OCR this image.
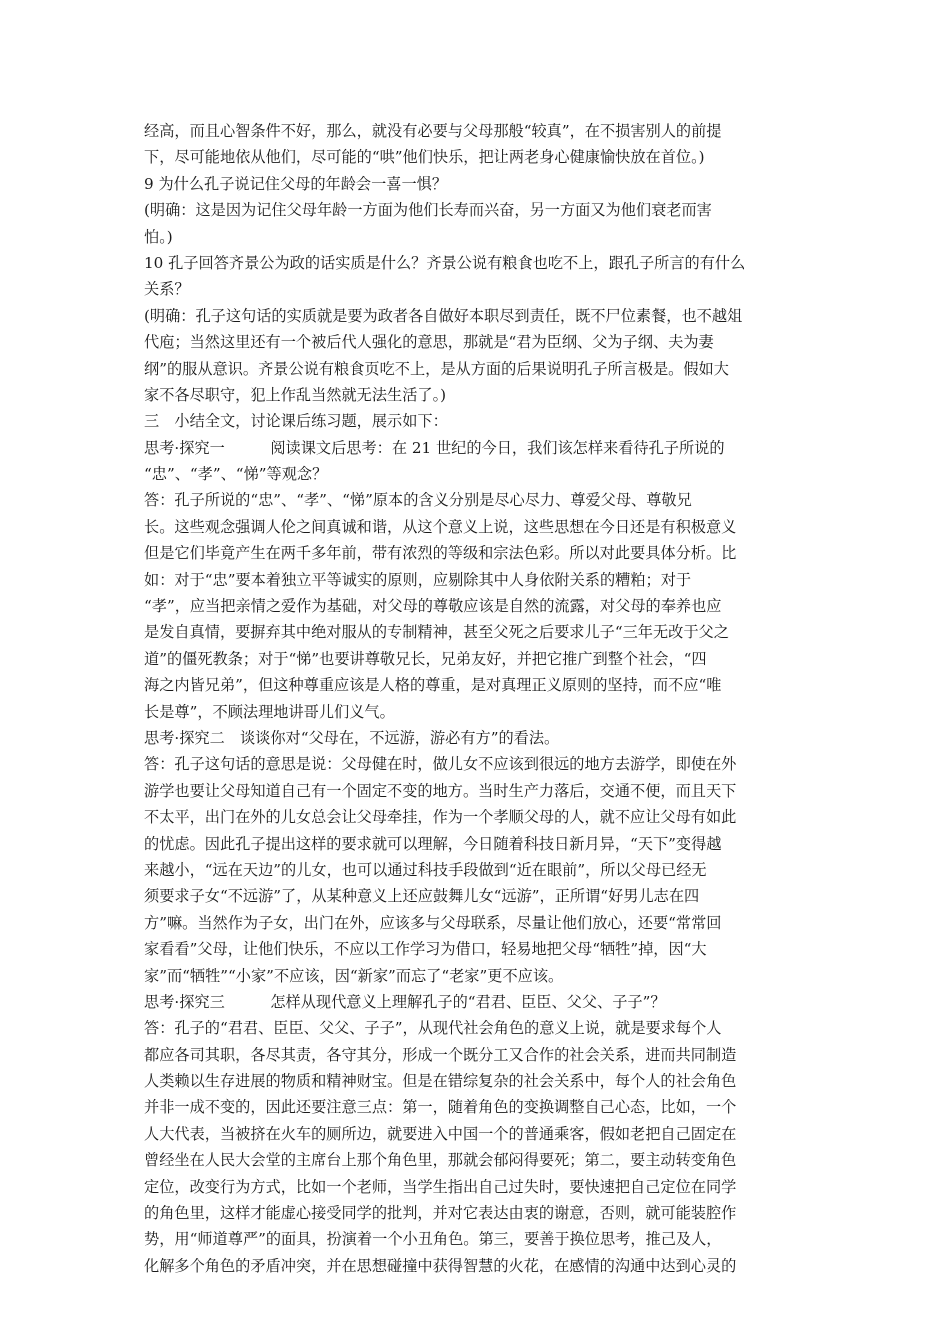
经高，而且心智条件不好，那么，就没有必要与父母那般“较真”，在不损害别人的前提
下，尽可能地依从他们，尽可能的“哄”他们快乐，把让两老身心健康愉快放在首位。)
9 为什么孔子说记住父母的年龄会一喜一惧？
(明确：这是因为记住父母年龄一方面为他们长寿而兴奋，另一方面又为他们衰老而害
怕。)
10 孔子回答齐景公为政的话实质是什么？齐景公说有粮食也吃不上，跟孔子所言的有什么
关系？
(明确：孔子这句话的实质就是要为政者各自做好本职尽到责任，既不尸位素餐，也不越俎
代庖；当然这里还有一个被后代人强化的意思，那就是“君为臣纲、父为子纲、夫为妻
纲”的服从意识。齐景公说有粮食页吃不上，是从方面的后果说明孔子所言极是。假如大
家不各尽职守，犯上作乱当然就无法生活了。)
三　小结全文，讨论课后练习题，展示如下：
思考·探究一　　　阅读课文后思考：在 21 世纪的今日，我们该怎样来看待孔子所说的
“忠”、“孝”、“悌”等观念？
答：孔子所说的“忠”、“孝”、“悌”原本的含义分别是尽心尽力、尊爱父母、尊敬兄
长。这些观念强调人伦之间真诚和谐，从这个意义上说，这些思想在今日还是有积极意义
但是它们毕竟产生在两千多年前，带有浓烈的等级和宗法色彩。所以对此要具体分析。比
如：对于“忠”要本着独立平等诚实的原则，应剔除其中人身依附关系的糟粕；对于
“孝”，应当把亲情之爱作为基础，对父母的尊敬应该是自然的流露，对父母的奉养也应
是发自真情，要摒弃其中绝对服从的专制精神，甚至父死之后要求儿子“三年无改于父之
道”的僵死教条；对于“悌”也要讲尊敬兄长，兄弟友好，并把它推广到整个社会，“四
海之内皆兄弟”，但这种尊重应该是人格的尊重，是对真理正义原则的坚持，而不应“唯
长是尊”，不顾法理地讲哥儿们义气。
思考·探究二　谈谈你对“父母在，不远游，游必有方”的看法。
答：孔子这句话的意思是说：父母健在时，做儿女不应该到很远的地方去游学，即使在外
游学也要让父母知道自己有一个固定不变的地方。当时生产力落后，交通不便，而且天下
不太平，出门在外的儿女总会让父母牵挂，作为一个孝顺父母的人，就不应让父母有如此
的忧虑。因此孔子提出这样的要求就可以理解，今日随着科技日新月异，“天下”变得越
来越小，“远在天边”的儿女，也可以通过科技手段做到“近在眼前”，所以父母已经无
须要求子女“不远游”了，从某种意义上还应鼓舞儿女“远游”，正所谓“好男儿志在四
方”嘛。当然作为子女，出门在外，应该多与父母联系，尽量让他们放心，还要“常常回
家看看”父母，让他们快乐，不应以工作学习为借口，轻易地把父母“牺牲”掉，因“大
家”而“牺牲”“小家”不应该，因“新家”而忘了“老家”更不应该。
思考·探究三　　　怎样从现代意义上理解孔子的“君君、臣臣、父父、子子”？
答：孔子的“君君、臣臣、父父、子子”，从现代社会角色的意义上说，就是要求每个人
都应各司其职，各尽其责，各守其分，形成一个既分工又合作的社会关系，进而共同制造
人类赖以生存进展的物质和精神财宝。但是在错综复杂的社会关系中，每个人的社会角色
并非一成不变的，因此还要注意三点：第一，随着角色的变换调整自己心态，比如，一个
人大代表，当被挤在火车的厕所边，就要进入中国一个的普通乘客，假如老把自己固定在
曾经坐在人民大会堂的主席台上那个角色里，那就会郁闷得要死；第二，要主动转变角色
定位，改变行为方式，比如一个老师，当学生指出自己过失时，要快速把自己定位在同学
的角色里，这样才能虚心接受同学的批判，并对它表达由衷的谢意，否则，就可能装腔作
势，用“师道尊严”的面具，扮演着一个小丑角色。第三，要善于换位思考，推己及人，
化解多个角色的矛盾冲突，并在思想碰撞中获得智慧的火花，在感情的沟通中达到心灵的
